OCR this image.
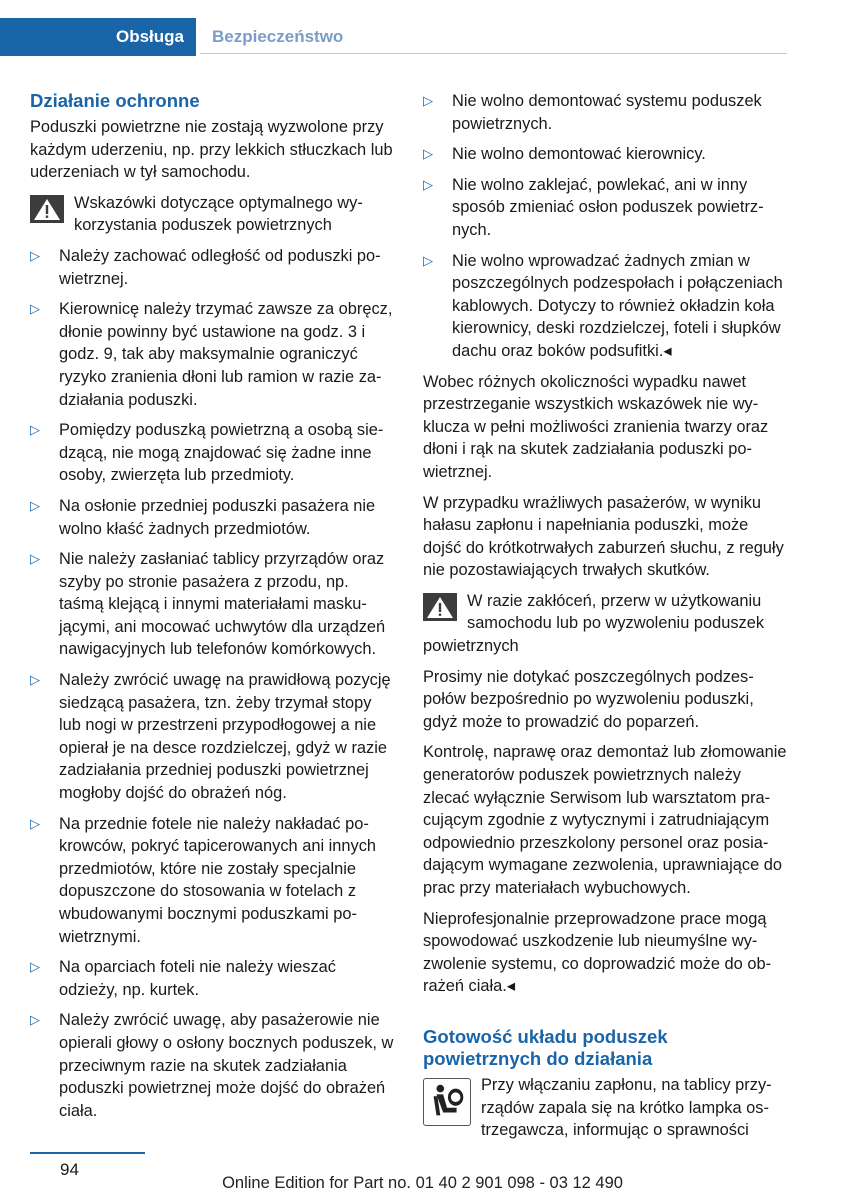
Obsługa	Bezpieczeństwo
Działanie ochronne

Poduszki powietrzne nie zostają wyzwolone przy każdym uderzeniu, np. przy lekkich stłuczkach lub uderzeniach w tył samochodu.

Wskazówki dotyczące optymalnego wykorzystania poduszek powietrznych
▷ Należy zachować odległość od poduszki powietrznej.
▷ Kierownicę należy trzymać zawsze za obręcz, dłonie powinny być ustawione na godz. 3 i godz. 9, tak aby maksymalnie ograniczyć ryzyko zranienia dłoni lub ramion w razie zadziałania poduszki.
▷ Pomiędzy poduszką powietrzną a osobą siedzącą, nie mogą znajdować się żadne inne osoby, zwierzęta lub przedmioty.
▷ Na osłonie przedniej poduszki pasażera nie wolno kłaść żadnych przedmiotów.
▷ Nie należy zasłaniać tablicy przyrządów oraz szyby po stronie pasażera z przodu, np. taśmą klejącą i innymi materiałami maskującymi, ani mocować uchwytów dla urządzeń nawigacyjnych lub telefonów komórkowych.
▷ Należy zwrócić uwagę na prawidłową pozycję siedzącą pasażera, tzn. żeby trzymał stopy lub nogi w przestrzeni przypodłogowej a nie opierał je na desce rozdzielczej, gdyż w razie zadziałania przedniej poduszki powietrznej mogłoby dojść do obrażeń nóg.
▷ Na przednie fotele nie należy nakładać pokrowców, pokryć tapicerowanych ani innych przedmiotów, które nie zostały specjalnie dopuszczone do stosowania w fotelach z wbudowanymi bocznymi poduszkami powietrznymi.
▷ Na oparciach foteli nie należy wieszać odzieży, np. kurtek.
▷ Należy zwrócić uwagę, aby pasażerowie nie opierali głowy o osłony bocznych poduszek, w przeciwnym razie na skutek zadziałania poduszki powietrznej może dojść do obrażeń ciała.
▷ Nie wolno demontować systemu poduszek powietrznych.
▷ Nie wolno demontować kierownicy.
▷ Nie wolno zaklejać, powlekać, ani w inny sposób zmieniać osłon poduszek powietrznych.
▷ Nie wolno wprowadzać żadnych zmian w poszczególnych podzespołach i połączeniach kablowych. Dotyczy to również okładzin koła kierownicy, deski rozdzielczej, foteli i słupków dachu oraz boków podsufitki.◂

Wobec różnych okoliczności wypadku nawet przestrzeganie wszystkich wskazówek nie wyklucza w pełni możliwości zranienia twarzy oraz dłoni i rąk na skutek zadziałania poduszki powietrznej.

W przypadku wrażliwych pasażerów, w wyniku hałasu zapłonu i napełniania poduszki, może dojść do krótkotrwałych zaburzeń słuchu, z reguły nie pozostawiających trwałych skutków.

W razie zakłóceń, przerw w użytkowaniu samochodu lub po wyzwoleniu poduszek powietrznych

Prosimy nie dotykać poszczególnych podzespołów bezpośrednio po wyzwoleniu poduszki, gdyż może to prowadzić do poparzeń.

Kontrolę, naprawę oraz demontaż lub złomowanie generatorów poduszek powietrznych należy zlecać wyłącznie Serwisom lub warsztatom pracującym zgodnie z wytycznymi i zatrudniającym odpowiednio przeszkolony personel oraz posiadającym wymagane zezwolenia, uprawniające do prac przy materiałach wybuchowych.

Nieprofesjonalnie przeprowadzone prace mogą spowodować uszkodzenie lub nieumyślne wyzwolenie systemu, co doprowadzić może do obrażeń ciała.◂

Gotowość układu poduszek powietrznych do działania
Przy włączaniu zapłonu, na tablicy przyrządów zapala się na krótko lampka ostrzegawcza, informując o sprawności
94
Online Edition for Part no. 01 40 2 901 098 - 03 12 490
